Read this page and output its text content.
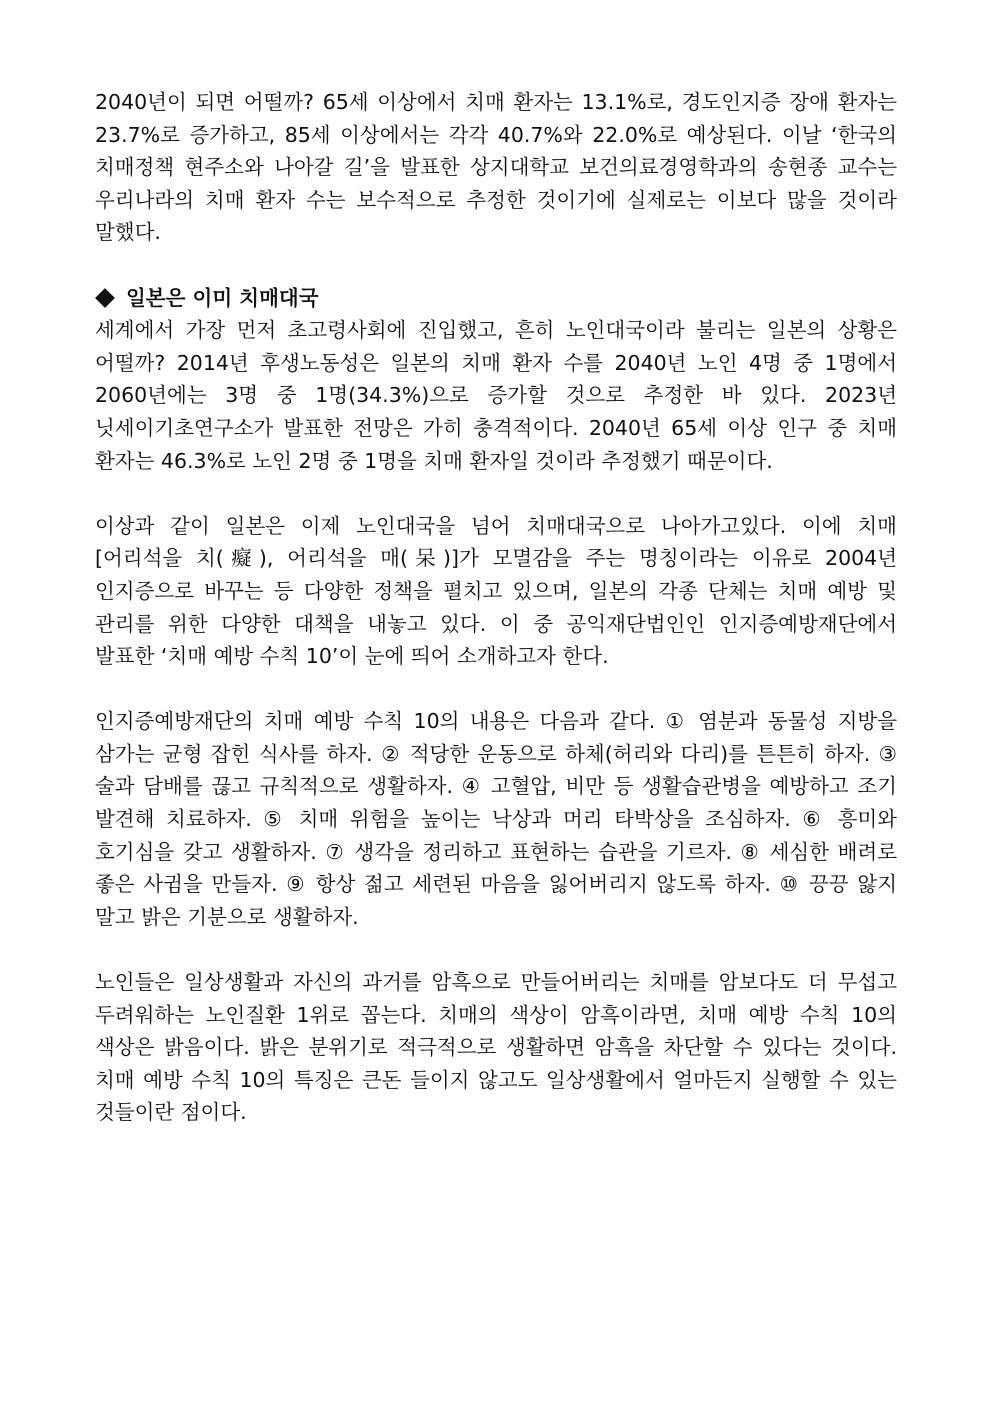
2040년이 되면 어떨까? 65세 이상에서 치매 환자는 13.1%로, 경도인지증 장애 환자는 23.7%로 증가하고, 85세 이상에서는 각각 40.7%와 22.0%로 예상된다. 이날 ‘한국의 치매정책 현주소와 나아갈 길’을 발표한 상지대학교 보건의료경영학과의 송현종 교수는 우리나라의 치매 환자 수는 보수적으로 추정한 것이기에 실제로는 이보다 많을 것이라 말했다.

일본은 이미 치매대국

세계에서 가장 먼저 초고령사회에 진입했고, 흔히 노인대국이라 불리는 일본의 상황은 어떨까? 2014년 후생노동성은 일본의 치매 환자 수를 2040년 노인 4명 중 1명에서 2060년에는 3명 중 1명(34.3%)으로 증가할 것으로 추정한 바 있다. 2023년 닛세이기초연구소가 발표한 전망은 가히 충격적이다. 2040년 65세 이상 인구 중 치매 환자는 46.3%로 노인 2명 중 1명을 치매 환자일 것이라 추정했기 때문이다.

이상과 같이 일본은 이제 노인대국을 넘어 치매대국으로 나아가고있다. 이에 치매[어리석을 치(癡), 어리석을 매(呆)]가 모멸감을 주는 명칭이라는 이유로 2004년 인지증으로 바꾸는 등 다양한 정책을 펼치고 있으며, 일본의 각종 단체는 치매 예방 및 관리를 위한 다양한 대책을 내놓고 있다. 이 중 공익재단법인인 인지증예방재단에서 발표한 ‘치매 예방 수칙 10’이 눈에 띄어 소개하고자 한다.

인지증예방재단의 치매 예방 수칙 10의 내용은 다음과 같다. ① 염분과 동물성 지방을 삼가는 균형 잡힌 식사를 하자. ② 적당한 운동으로 하체(허리와 다리)를 튼튼히 하자. ③ 술과 담배를 끊고 규칙적으로 생활하자. ④ 고혈압, 비만 등 생활습관병을 예방하고 조기 발견해 치료하자. ⑤ 치매 위험을 높이는 낙상과 머리 타박상을 조심하자. ⑥ 흥미와 호기심을 갖고 생활하자. ⑦ 생각을 정리하고 표현하는 습관을 기르자. ⑧ 세심한 배려로 좋은 사귐을 만들자. ⑨ 항상 젊고 세련된 마음을 잃어버리지 않도록 하자. ⑩ 끙끙 앓지 말고 밝은 기분으로 생활하자.

노인들은 일상생활과 자신의 과거를 암흑으로 만들어버리는 치매를 암보다도 더 무섭고 두려워하는 노인질환 1위로 꼽는다. 치매의 색상이 암흑이라면, 치매 예방 수칙 10의 색상은 밝음이다. 밝은 분위기로 적극적으로 생활하면 암흑을 차단할 수 있다는 것이다. 치매 예방 수칙 10의 특징은 큰돈 들이지 않고도 일상생활에서 얼마든지 실행할 수 있는 것들이란 점이다.
